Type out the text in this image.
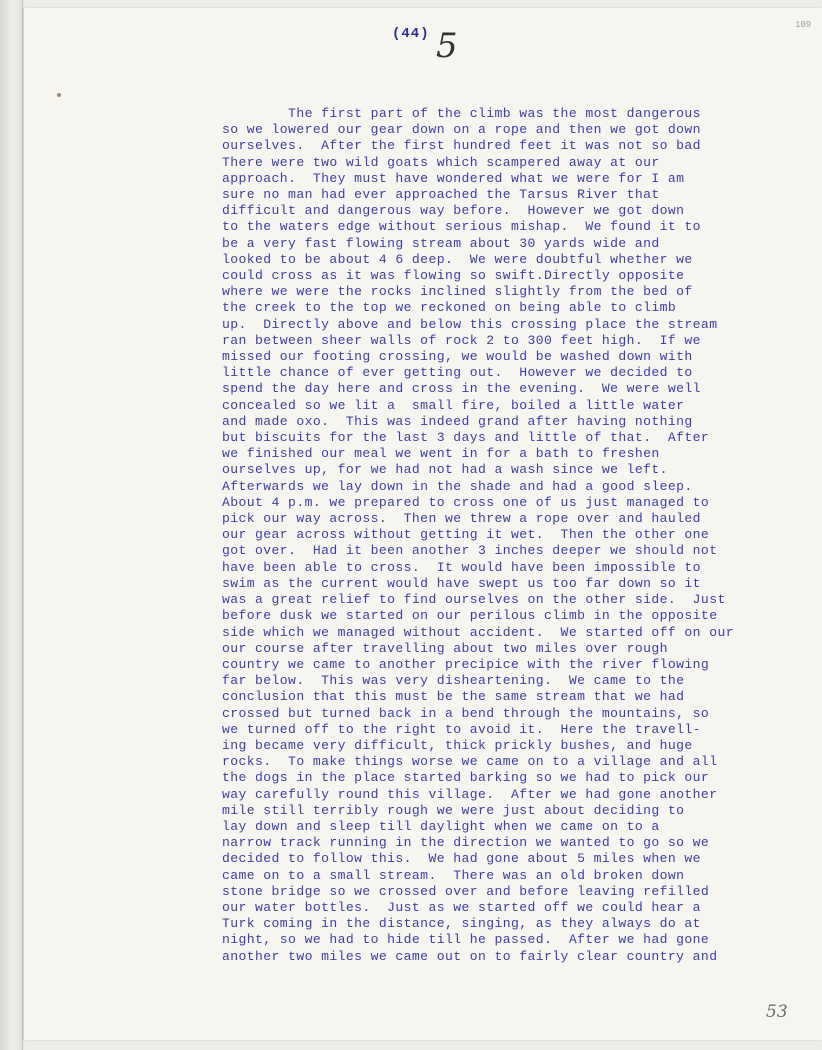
(44) 5
109
The first part of the climb was the most dangerous
so we lowered our gear down on a rope and then we got down
ourselves.  After the first hundred feet it was not so bad
There were two wild goats which scampered away at our
approach.  They must have wondered what we were for I am
sure no man had ever approached the Tarsus River that
difficult and dangerous way before.  However we got down
to the waters edge without serious mishap.  We found it to
be a very fast flowing stream about 30 yards wide and
looked to be about 4 6 deep.  We were doubtful whether we
could cross as it was flowing so swift.Directly opposite
where we were the rocks inclined slightly from the bed of
the creek to the top we reckoned on being able to climb
up.  Directly above and below this crossing place the stream
ran between sheer walls of rock 2 to 300 feet high.  If we
missed our footing crossing, we would be washed down with
little chance of ever getting out.  However we decided to
spend the day here and cross in the evening.  We were well
concealed so we lit a  small fire, boiled a little water
and made oxo.  This was indeed grand after having nothing
but biscuits for the last 3 days and little of that.  After
we finished our meal we went in for a bath to freshen
ourselves up, for we had not had a wash since we left.
Afterwards we lay down in the shade and had a good sleep.
About 4 p.m. we prepared to cross one of us just managed to
pick our way across.  Then we threw a rope over and hauled
our gear across without getting it wet.  Then the other one
got over.  Had it been another 3 inches deeper we should not
have been able to cross.  It would have been impossible to
swim as the current would have swept us too far down so it
was a great relief to find ourselves on the other side.  Just
before dusk we started on our perilous climb in the opposite
side which we managed without accident.  We started off on our
our course after travelling about two miles over rough
country we came to another precipice with the river flowing
far below.  This was very disheartening.  We came to the
conclusion that this must be the same stream that we had
crossed but turned back in a bend through the mountains, so
we turned off to the right to avoid it.  Here the travell-
ing became very difficult, thick prickly bushes, and huge
rocks.  To make things worse we came on to a village and all
the dogs in the place started barking so we had to pick our
way carefully round this village.  After we had gone another
mile still terribly rough we were just about deciding to
lay down and sleep till daylight when we came on to a
narrow track running in the direction we wanted to go so we
decided to follow this.  We had gone about 5 miles when we
came on to a small stream.  There was an old broken down
stone bridge so we crossed over and before leaving refilled
our water bottles.  Just as we started off we could hear a
Turk coming in the distance, singing, as they always do at
night, so we had to hide till he passed.  After we had gone
another two miles we came out on to fairly clear country and

53
